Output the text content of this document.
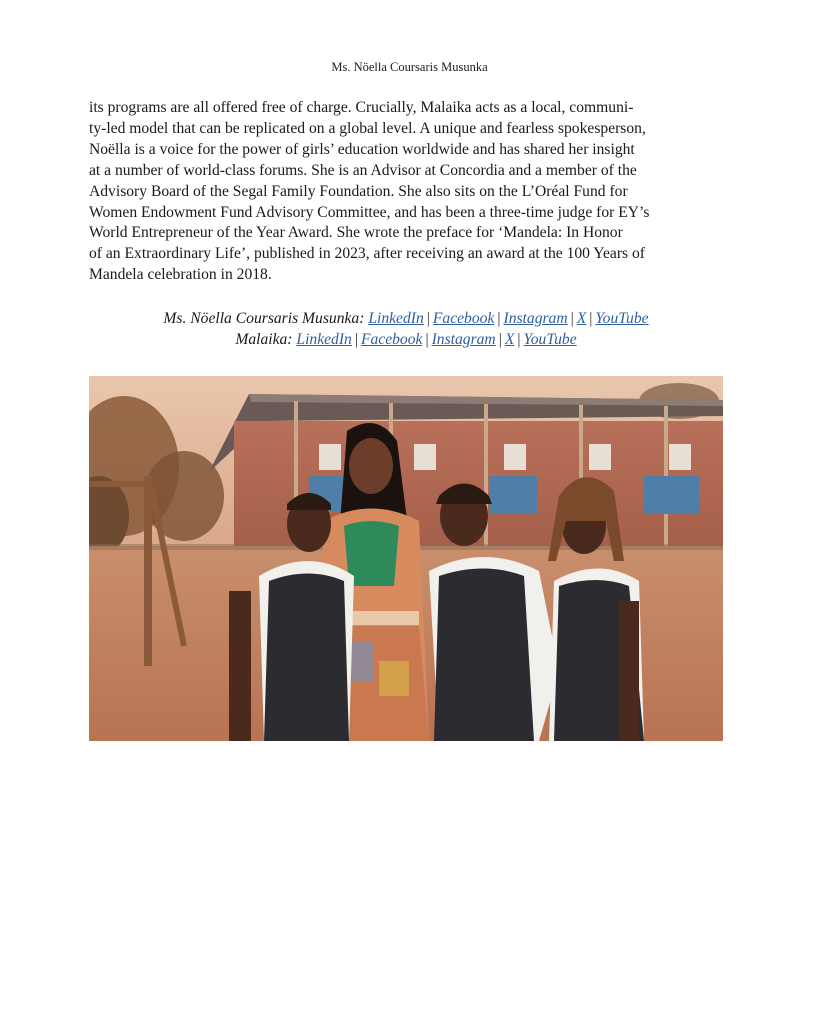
Ms. Nöella Coursaris Musunka
its programs are all offered free of charge. Crucially, Malaika acts as a local, communi-
ty-led model that can be replicated on a global level. A unique and fearless spokesperson,
Noëlla is a voice for the power of girls’ education worldwide and has shared her insight
at a number of world-class forums. She is an Advisor at Concordia and a member of the
Advisory Board of the Segal Family Foundation. She also sits on the L’Oréal Fund for
Women Endowment Fund Advisory Committee, and has been a three-time judge for EY’s
World Entrepreneur of the Year Award. She wrote the preface for ‘Mandela: In Honor
of an Extraordinary Life’, published in 2023, after receiving an award at the 100 Years of
Mandela celebration in 2018.
Ms. Nöella Coursaris Musunka: LinkedIn | Facebook | Instagram | X | YouTube
Malaika: LinkedIn | Facebook | Instagram | X | YouTube
